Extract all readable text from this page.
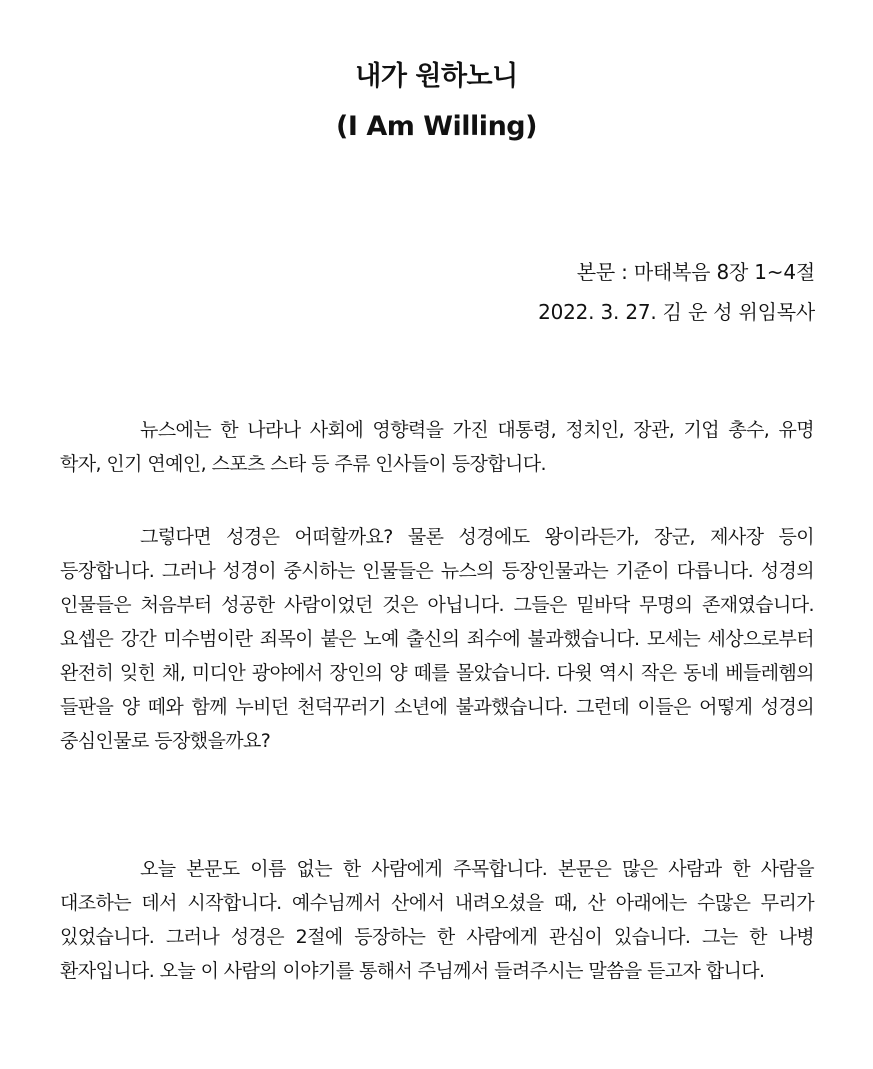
내가 원하노니
(I Am Willing)
본문 : 마태복음 8장 1~4절
2022. 3. 27. 김 운 성 위임목사

뉴스에는 한 나라나 사회에 영향력을 가진 대통령, 정치인, 장관, 기업 총수, 유명 학자, 인기 연예인, 스포츠 스타 등 주류 인사들이 등장합니다.

그렇다면 성경은 어떠할까요? 물론 성경에도 왕이라든가, 장군, 제사장 등이 등장합니다. 그러나 성경이 중시하는 인물들은 뉴스의 등장인물과는 기준이 다릅니다. 성경의 인물들은 처음부터 성공한 사람이었던 것은 아닙니다. 그들은 밑바닥 무명의 존재였습니다. 요셉은 강간 미수범이란 죄목이 붙은 노예 출신의 죄수에 불과했습니다. 모세는 세상으로부터 완전히 잊힌 채, 미디안 광야에서 장인의 양 떼를 몰았습니다. 다윗 역시 작은 동네 베들레헴의 들판을 양 떼와 함께 누비던 천덕꾸러기 소년에 불과했습니다. 그런데 이들은 어떻게 성경의 중심인물로 등장했을까요?

오늘 본문도 이름 없는 한 사람에게 주목합니다. 본문은 많은 사람과 한 사람을 대조하는 데서 시작합니다. 예수님께서 산에서 내려오셨을 때, 산 아래에는 수많은 무리가 있었습니다. 그러나 성경은 2절에 등장하는 한 사람에게 관심이 있습니다. 그는 한 나병 환자입니다. 오늘 이 사람의 이야기를 통해서 주님께서 들려주시는 말씀을 듣고자 합니다.
